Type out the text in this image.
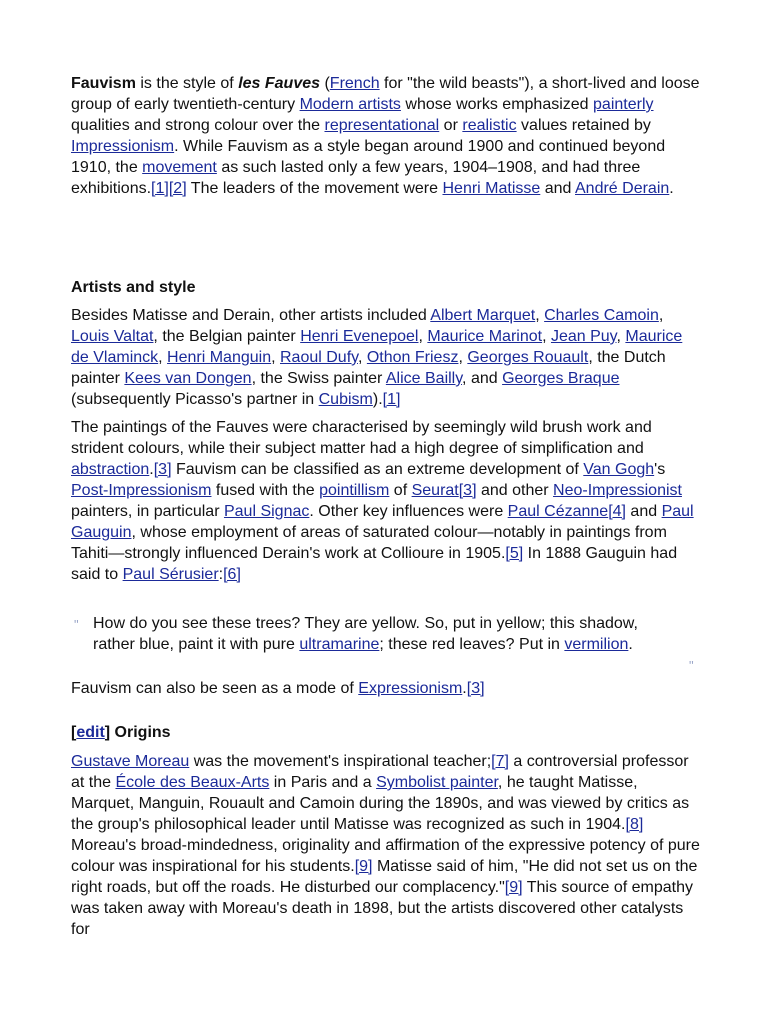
Fauvism is the style of les Fauves (French for "the wild beasts"), a short-lived and loose group of early twentieth-century Modern artists whose works emphasized painterly qualities and strong colour over the representational or realistic values retained by Impressionism. While Fauvism as a style began around 1900 and continued beyond 1910, the movement as such lasted only a few years, 1904–1908, and had three exhibitions.[1][2] The leaders of the movement were Henri Matisse and André Derain.

Artists and style

Besides Matisse and Derain, other artists included Albert Marquet, Charles Camoin, Louis Valtat, the Belgian painter Henri Evenepoel, Maurice Marinot, Jean Puy, Maurice de Vlaminck, Henri Manguin, Raoul Dufy, Othon Friesz, Georges Rouault, the Dutch painter Kees van Dongen, the Swiss painter Alice Bailly, and Georges Braque (subsequently Picasso's partner in Cubism).[1]

The paintings of the Fauves were characterised by seemingly wild brush work and strident colours, while their subject matter had a high degree of simplification and abstraction.[3] Fauvism can be classified as an extreme development of Van Gogh's Post-Impressionism fused with the pointillism of Seurat[3] and other Neo-Impressionist painters, in particular Paul Signac. Other key influences were Paul Cézanne[4] and Paul Gauguin, whose employment of areas of saturated colour—notably in paintings from Tahiti—strongly influenced Derain's work at Collioure in 1905.[5] In 1888 Gauguin had said to Paul Sérusier:[6]

" How do you see these trees? They are yellow. So, put in yellow; this shadow, rather blue, paint it with pure ultramarine; these red leaves? Put in vermilion.

"

Fauvism can also be seen as a mode of Expressionism.[3]

[edit] Origins

Gustave Moreau was the movement's inspirational teacher;[7] a controversial professor at the École des Beaux-Arts in Paris and a Symbolist painter, he taught Matisse, Marquet, Manguin, Rouault and Camoin during the 1890s, and was viewed by critics as the group's philosophical leader until Matisse was recognized as such in 1904.[8] Moreau's broad-mindedness, originality and affirmation of the expressive potency of pure colour was inspirational for his students.[9] Matisse said of him, "He did not set us on the right roads, but off the roads. He disturbed our complacency."[9] This source of empathy was taken away with Moreau's death in 1898, but the artists discovered other catalysts for
